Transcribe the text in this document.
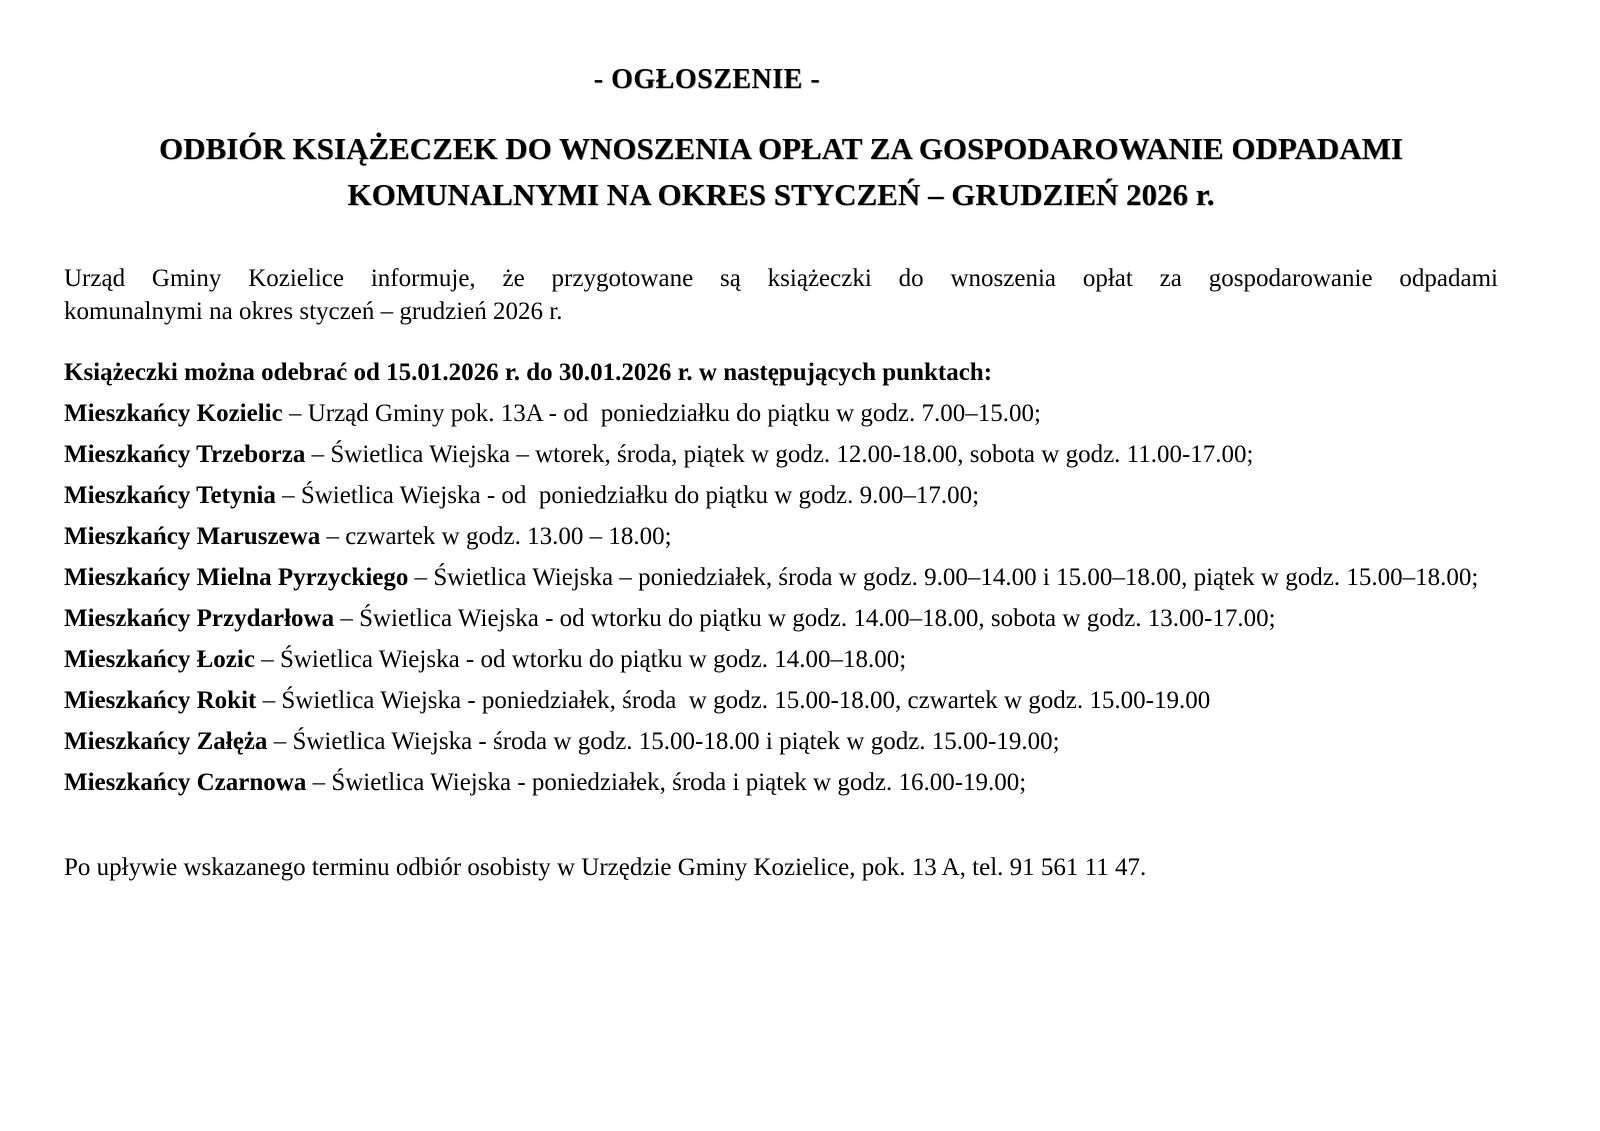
- OGŁOSZENIE -
ODBIÓR KSIĄŻECZEK DO WNOSZENIA OPŁAT ZA GOSPODAROWANIE ODPADAMI
KOMUNALNYMI NA OKRES STYCZEŃ – GRUDZIEŃ 2026 r.
Urząd Gminy Kozielice informuje, że przygotowane są książeczki do wnoszenia opłat za gospodarowanie odpadami
komunalnymi na okres styczeń – grudzień 2026 r.

Książeczki można odebrać od 15.01.2026 r. do 30.01.2026 r. w następujących punktach:

Mieszkańcy Kozielic – Urząd Gminy pok. 13A - od  poniedziałku do piątku w godz. 7.00–15.00;

Mieszkańcy Trzeborza – Świetlica Wiejska – wtorek, środa, piątek w godz. 12.00-18.00, sobota w godz. 11.00-17.00;

Mieszkańcy Tetynia – Świetlica Wiejska - od  poniedziałku do piątku w godz. 9.00–17.00;

Mieszkańcy Maruszewa – czwartek w godz. 13.00 – 18.00;

Mieszkańcy Mielna Pyrzyckiego – Świetlica Wiejska – poniedziałek, środa w godz. 9.00–14.00 i 15.00–18.00, piątek w godz. 15.00–18.00;

Mieszkańcy Przydarłowa – Świetlica Wiejska - od wtorku do piątku w godz. 14.00–18.00, sobota w godz. 13.00-17.00;

Mieszkańcy Łozic – Świetlica Wiejska - od wtorku do piątku w godz. 14.00–18.00;

Mieszkańcy Rokit – Świetlica Wiejska - poniedziałek, środa  w godz. 15.00-18.00, czwartek w godz. 15.00-19.00

Mieszkańcy Załęża – Świetlica Wiejska - środa w godz. 15.00-18.00 i piątek w godz. 15.00-19.00;

Mieszkańcy Czarnowa – Świetlica Wiejska - poniedziałek, środa i piątek w godz. 16.00-19.00;

Po upływie wskazanego terminu odbiór osobisty w Urzędzie Gminy Kozielice, pok. 13 A, tel. 91 561 11 47.
